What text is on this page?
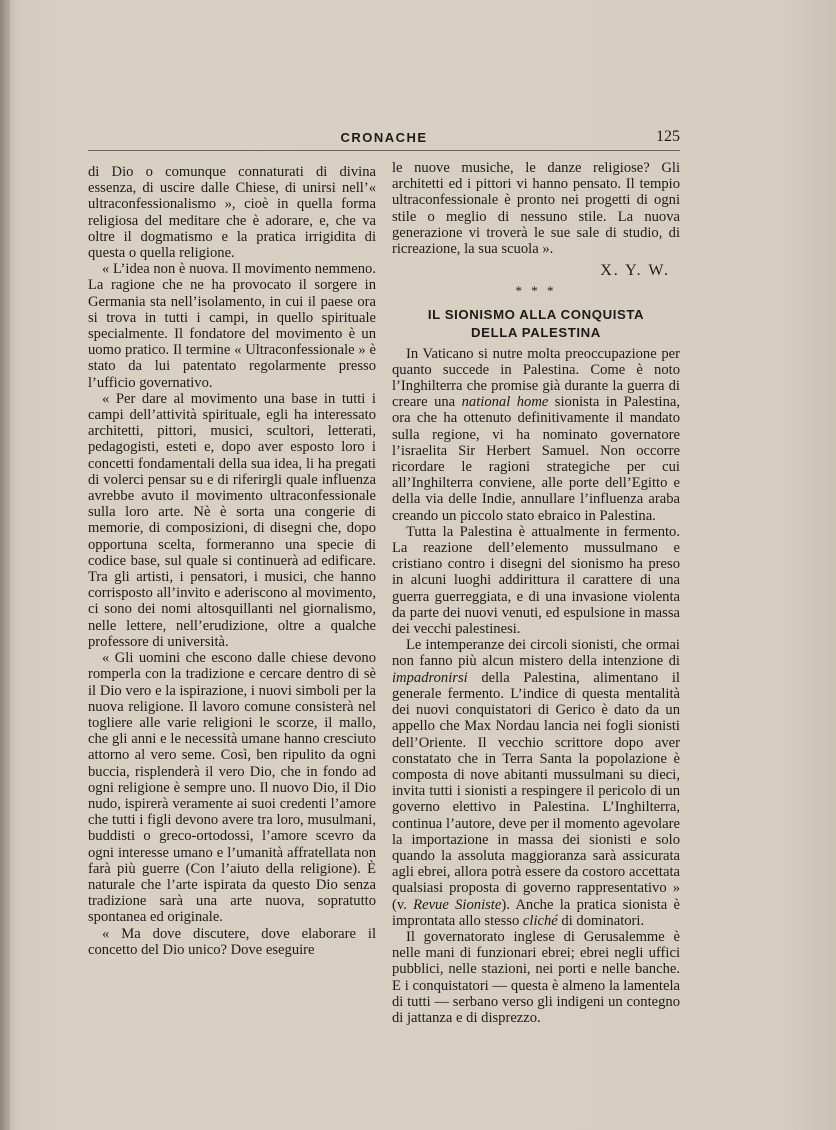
CRONACHE	125

di Dio o comunque connaturati di divina essenza, di uscire dalle Chiese, di unirsi nell’« ultraconfessionalismo », cioè in quella forma religiosa del meditare che è adorare, e, che va oltre il dogmatismo e la pratica irrigidita di questa o quella religione.

« L’idea non è nuova. Il movimento nemmeno. La ragione che ne ha provocato il sorgere in Germania sta nell’isolamento, in cui il paese ora si trova in tutti i campi, in quello spirituale specialmente. Il fondatore del movimento è un uomo pratico. Il termine « Ultraconfessionale » è stato da lui patentato regolarmente presso l’ufficio governativo.

« Per dare al movimento una base in tutti i campi dell’attività spirituale, egli ha interessato architetti, pittori, musici, scultori, letterati, pedagogisti, esteti e, dopo aver esposto loro i concetti fondamentali della sua idea, li ha pregati di volerci pensar su e di riferirgli quale influenza avrebbe avuto il movimento ultraconfessionale sulla loro arte. Nè è sorta una congerie di memorie, di composizioni, di disegni che, dopo opportuna scelta, formeranno una specie di codice base, sul quale si continuerà ad edificare. Tra gli artisti, i pensatori, i musici, che hanno corrisposto all’invito e aderiscono al movimento, ci sono dei nomi altosquillanti nel giornalismo, nelle lettere, nell’erudizione, oltre a qualche professore di università.

« Gli uomini che escono dalle chiese devono romperla con la tradizione e cercare dentro di sè il Dio vero e la ispirazione, i nuovi simboli per la nuova religione. Il lavoro comune consisterà nel togliere alle varie religioni le scorze, il mallo, che gli anni e le necessità umane hanno cresciuto attorno al vero seme. Così, ben ripulito da ogni buccia, risplenderà il vero Dio, che in fondo ad ogni religione è sempre uno. Il nuovo Dio, il Dio nudo, ispirerà veramente ai suoi credenti l’amore che tutti i figli devono avere tra loro, musulmani, buddisti o greco-ortodossi, l’amore scevro da ogni interesse umano e l’umanità affratellata non farà più guerre (Con l’aiuto della religione). È naturale che l’arte ispirata da questo Dio senza tradizione sarà una arte nuova, sopratutto spontanea ed originale.

« Ma dove discutere, dove elaborare il concetto del Dio unico? Dove eseguire

le nuove musiche, le danze religiose? Gli architetti ed i pittori vi hanno pensato. Il tempio ultraconfessionale è pronto nei progetti di ogni stile o meglio di nessuno stile. La nuova generazione vi troverà le sue sale di studio, di ricreazione, la sua scuola ».

X. Y. W.
* * *
IL SIONISMO ALLA CONQUISTA
DELLA PALESTINA

In Vaticano si nutre molta preoccupazione per quanto succede in Palestina. Come è noto l’Inghilterra che promise già durante la guerra di creare una national home sionista in Palestina, ora che ha ottenuto definitivamente il mandato sulla regione, vi ha nominato governatore l’israelita Sir Herbert Samuel. Non occorre ricordare le ragioni strategiche per cui all’Inghilterra conviene, alle porte dell’Egitto e della via delle Indie, annullare l’influenza araba creando un piccolo stato ebraico in Palestina.

Tutta la Palestina è attualmente in fermento. La reazione dell’elemento mussulmano e cristiano contro i disegni del sionismo ha preso in alcuni luoghi addirittura il carattere di una guerra guerreggiata, e di una invasione violenta da parte dei nuovi venuti, ed espulsione in massa dei vecchi palestinesi.

Le intemperanze dei circoli sionisti, che ormai non fanno più alcun mistero della intenzione di impadronirsi della Palestina, alimentano il generale fermento. L’indice di questa mentalità dei nuovi conquistatori di Gerico è dato da un appello che Max Nordau lancia nei fogli sionisti dell’Oriente. Il vecchio scrittore dopo aver constatato che in Terra Santa la popolazione è composta di nove abitanti mussulmani su dieci, invita tutti i sionisti a respingere il pericolo di un governo elettivo in Palestina. L’Inghilterra, continua l’autore, deve per il momento agevolare la importazione in massa dei sionisti e solo quando la assoluta maggioranza sarà assicurata agli ebrei, allora potrà essere da costoro accettata qualsiasi proposta di governo rappresentativo » (v. Revue Sioniste). Anche la pratica sionista è improntata allo stesso cliché di dominatori.

Il governatorato inglese di Gerusalemme è nelle mani di funzionari ebrei; ebrei negli uffici pubblici, nelle stazioni, nei porti e nelle banche. E i conquistatori — questa è almeno la lamentela di tutti — serbano verso gli indigeni un contegno di jattanza e di disprezzo.
